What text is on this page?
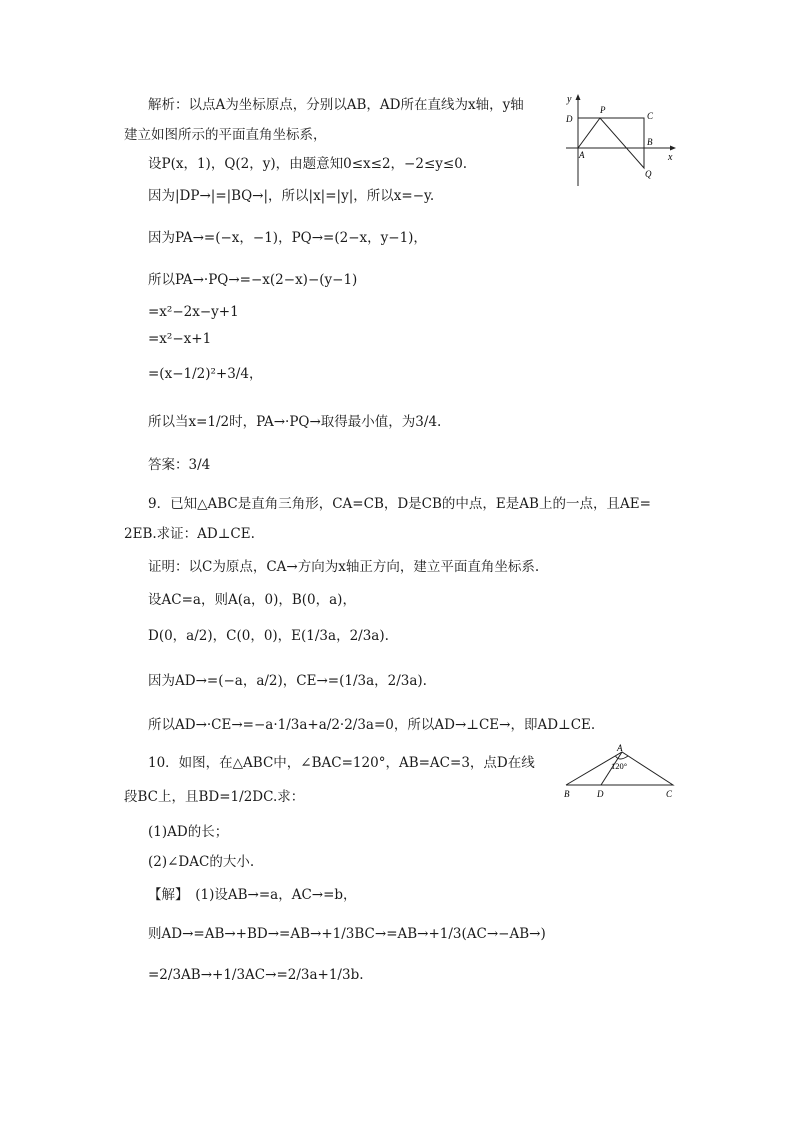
解析：以点A为坐标原点，分别以AB，AD所在直线为x轴，y轴
建立如图所示的平面直角坐标系，
设P(x，1)，Q(2，y)，由题意知0≤x≤2，−2≤y≤0.
因为|DP→|=|BQ→|，所以|x|=|y|，所以x=−y.
因为PA→=(−x，−1)，PQ→=(2−x，y−1)，
所以PA→·PQ→=−x(2−x)−(y−1)
=x²−2x−y+1
=x²−x+1
=(x−1/2)²+3/4，
所以当x=1/2时，PA→·PQ→取得最小值，为3/4.
答案：3/4
9．已知△ABC是直角三角形，CA=CB，D是CB的中点，E是AB上的一点，且AE=
2EB.求证：AD⊥CE.
证明：以C为原点，CA→方向为x轴正方向，建立平面直角坐标系.
设AC=a，则A(a，0)，B(0，a)，
D(0，a/2)，C(0，0)，E(1/3a，2/3a).
因为AD→=(−a，a/2)，CE→=(1/3a，2/3a).
所以AD→·CE→=−a·1/3a+a/2·2/3a=0，所以AD→⊥CE→，即AD⊥CE.
10．如图，在△ABC中，∠BAC=120°，AB=AC=3，点D在线
段BC上，且BD=1/2DC.求：
(1)AD的长；
(2)∠DAC的大小.
【解】　(1)设AB→=a，AC→=b，
则AD→=AB→+BD→=AB→+1/3BC→=AB→+1/3(AC→−AB→)
=2/3AB→+1/3AC→=2/3a+1/3b.
y
x
D
P
C
B
A
Q
A
B	D	C
120°
